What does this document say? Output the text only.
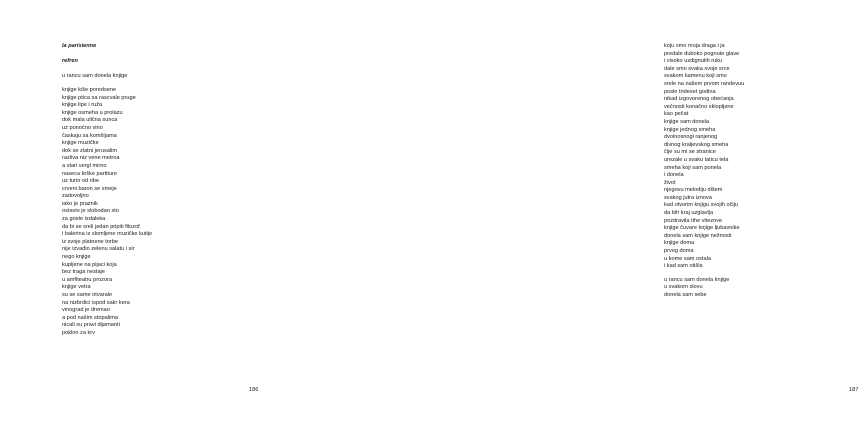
la parisienne
refren
u rancu sam donela knjige
knjige kiše poredsene
knjige ptica sa rascvale pruge
knjige lipe i ruža
knjige osmeha u prolazu
dok mala ulična sunca
uz ponoćno vino
časkaju sa komšijama
knjige muzičke
dok se zlatni jerusalim
razliva niz vene metroa
a stari vergl mirno
naseca krške partiture
uz turin od ribe
crveni baron se smeje
zadovoljno
iako je praznik
ostavio je slobodan sto
za goste izdaleka
da bi se sreli jedan pripiti filozof
i balerina iz slomljene muzičke kutije
iz svoje platnene torbe
nije izvadio zelenu salatu i sir
nego knjige
kupljene na pijaci koja
bez traga nestaje
u amfiteatru prozora
knjige vetra
su se same otvarale
na nizbrdici ispod sakr kera
vinograd je dremao
a pod našim stopalima
nicali su pravi dijamanti
poklon za krv
186
koju smo moja draga i ja
predale duboko pognute glave
i visoko uzdignutih ruku
dale smo svaka svoje srce
svakom kamenu koji smo
srele na našem prvom randevuu
posle trideset godina
nikad izgovorenog obećanja
večnosti konačno sklopljene
kao pečat
knjige sam donela
knjige jednog smeha
dvoinosnogi ranjenog
divnog kraljevskog smeha
čije su mi se stranice
urezale u svaku laticu tela
smeha koji sam ponela
i donela
život
njegovu melodiju dišem
svakog jutra iznova
kad otvorim knjigu svojih očiju
da bih kraj uzglavlja
pozdravila tihe vitezove
knjige čuvare knjige ljubavnike
donela sam knjige nežnosti
knjige doma
prvog doma
u kome sam ostala
i kad sam otišla
u rancu sam donela knjige
u svakom slovu
donela sam sebe
187
